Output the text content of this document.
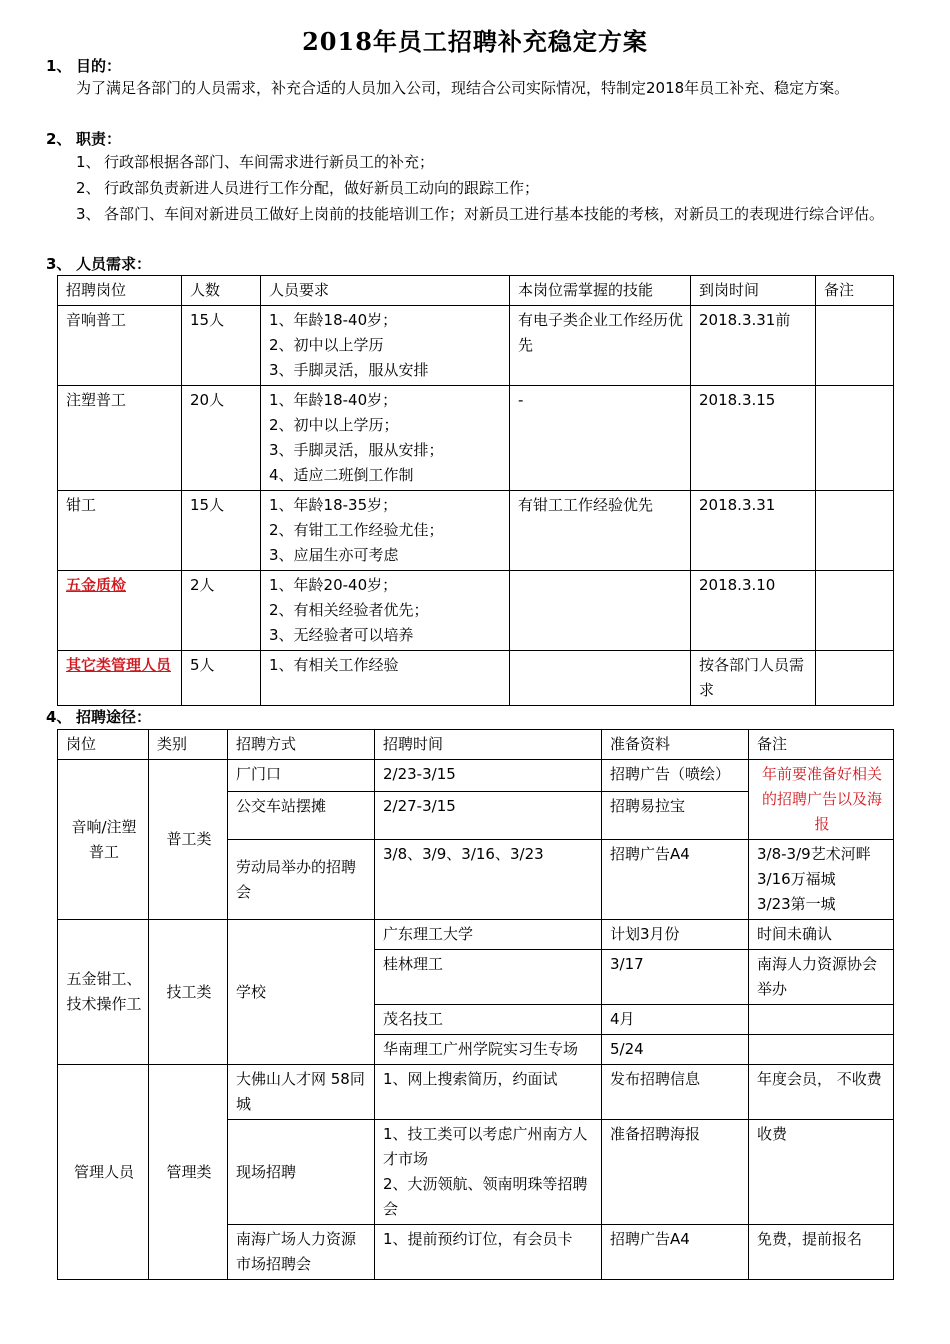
2018年员工招聘补充稳定方案
1、 目的：
为了满足各部门的人员需求，补充合适的人员加入公司，现结合公司实际情况，特制定2018年员工补充、稳定方案。
2、 职责：
1、 行政部根据各部门、车间需求进行新员工的补充；
2、 行政部负责新进人员进行工作分配，做好新员工动向的跟踪工作；
3、 各部门、车间对新进员工做好上岗前的技能培训工作；对新员工进行基本技能的考核，对新员工的表现进行综合评估。
3、 人员需求：
招聘岗位	人数	人员要求	本岗位需掌握的技能	到岗时间	备注
音响普工	15人	1、年龄18-40岁；
2、初中以上学历
3、手脚灵活，服从安排	有电子类企业工作经历优先	2018.3.31前	
注塑普工	20人	1、年龄18-40岁；
2、初中以上学历；
3、手脚灵活，服从安排；
4、适应二班倒工作制	-	2018.3.15	
钳工	15人	1、年龄18-35岁；
2、有钳工工作经验尤佳；
3、应届生亦可考虑	有钳工工作经验优先	2018.3.31	
五金质检	2人	1、年龄20-40岁；
2、有相关经验者优先；
3、无经验者可以培养		2018.3.10	
其它类管理人员	5人	1、有相关工作经验		按各部门人员需求	
4、 招聘途径：
岗位	类别	招聘方式	招聘时间	准备资料	备注
音响/注塑普工	普工类	厂门口	2/23-3/15	招聘广告（喷绘）	年前要准备好相关的招聘广告以及海报
		公交车站摆摊	2/27-3/15	招聘易拉宝	
		劳动局举办的招聘会	3/8、3/9、3/16、3/23	招聘广告A4	3/8-3/9艺术河畔
3/16万福城
3/23第一城

五金钳工、技术操作工	技工类	学校	广东理工大学	计划3月份	时间未确认
			桂林理工	3/17	南海人力资源协会举办
			茂名技工	4月	
			华南理工广州学院实习生专场	5/24	
管理人员	管理类	大佛山人才网 58同城	1、网上搜索简历，约面试	发布招聘信息	年度会员， 不收费
		现场招聘	1、技工类可以考虑广州南方人才市场
2、大沥领航、领南明珠等招聘会	准备招聘海报	收费
		南海广场人力资源市场招聘会	1、提前预约订位，有会员卡	招聘广告A4	免费，提前报名
